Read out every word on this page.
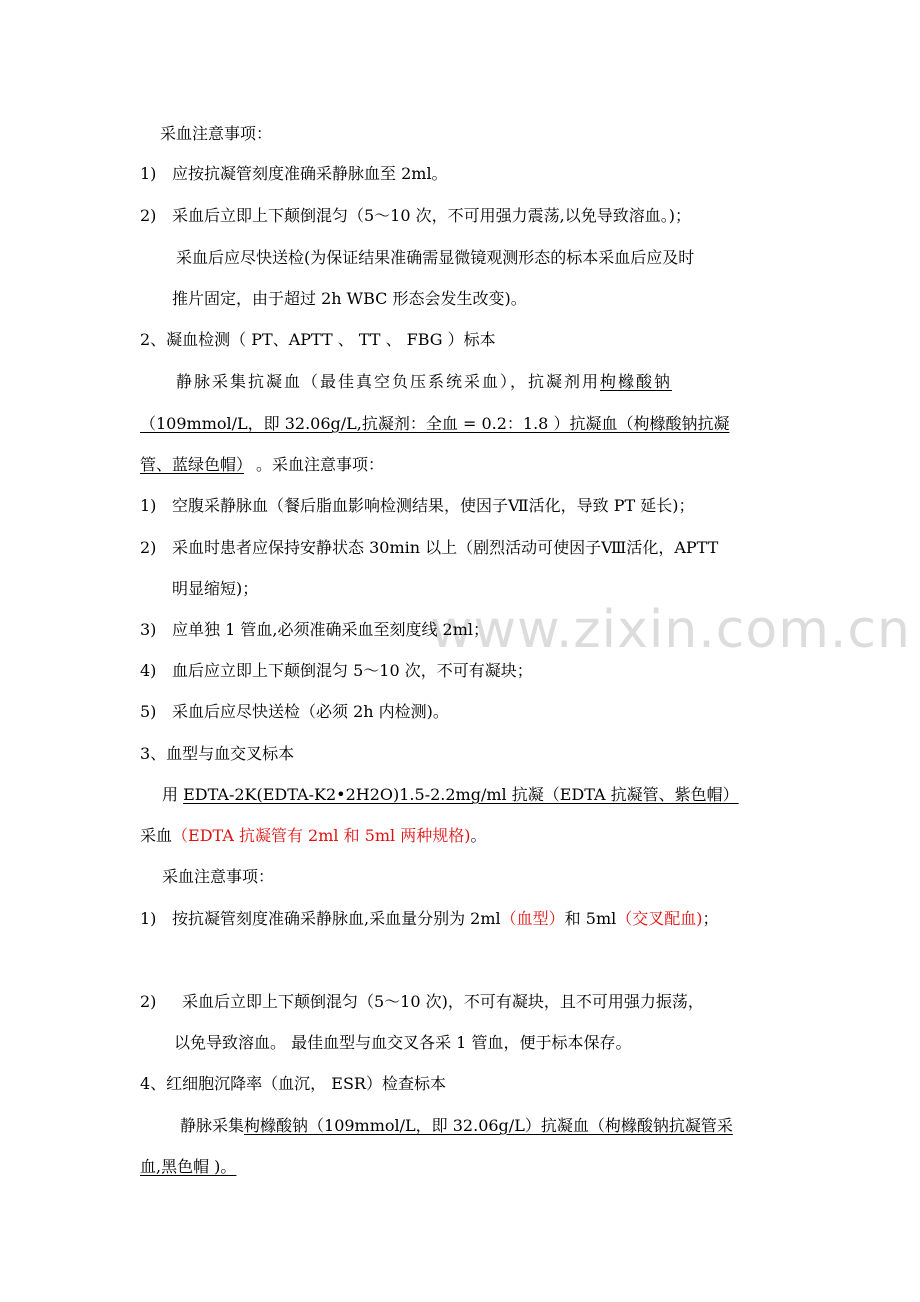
www.zixin.com.cn
采血注意事项：
1) 应按抗凝管刻度准确采静脉血至 2ml。
2) 采血后立即上下颠倒混匀（5～10 次，不可用强力震荡,以免导致溶血。)；
采血后应尽快送检(为保证结果准确需显微镜观测形态的标本采血后应及时
推片固定，由于超过 2h WBC 形态会发生改变)。
2、凝血检测（ PT、APTT 、 TT 、 FBG ）标本
静脉采集抗凝血（最佳真空负压系统采血），抗凝剂用枸橼酸钠
（109mmol/L，即 32.06g/L,抗凝剂：全血 = 0.2：1.8 ）抗凝血（枸橼酸钠抗凝
管、蓝绿色帽） 。采血注意事项：
1) 空腹采静脉血（餐后脂血影响检测结果，使因子Ⅶ活化，导致 PT 延长)；
2) 采血时患者应保持安静状态 30min 以上（剧烈活动可使因子Ⅷ活化，APTT
明显缩短)；
3) 应单独 1 管血,必须准确采血至刻度线 2ml；
4) 血后应立即上下颠倒混匀 5～10 次，不可有凝块；
5) 采血后应尽快送检（必须 2h 内检测)。
3、血型与血交叉标本
用 EDTA-2K(EDTA-K2•2H2O)1.5-2.2mg/ml 抗凝（EDTA 抗凝管、紫色帽）
采血（EDTA 抗凝管有 2ml 和 5ml 两种规格)。
采血注意事项：
1) 按抗凝管刻度准确采静脉血,采血量分别为 2ml（血型）和 5ml（交叉配血)；
2) 采血后立即上下颠倒混匀（5～10 次)，不可有凝块，且不可用强力振荡，
以免导致溶血。 最佳血型与血交叉各采 1 管血，便于标本保存。
4、红细胞沉降率（血沉， ESR）检查标本
静脉采集枸橼酸钠（109mmol/L，即 32.06g/L）抗凝血（枸橼酸钠抗凝管采
血,黑色帽 )。
